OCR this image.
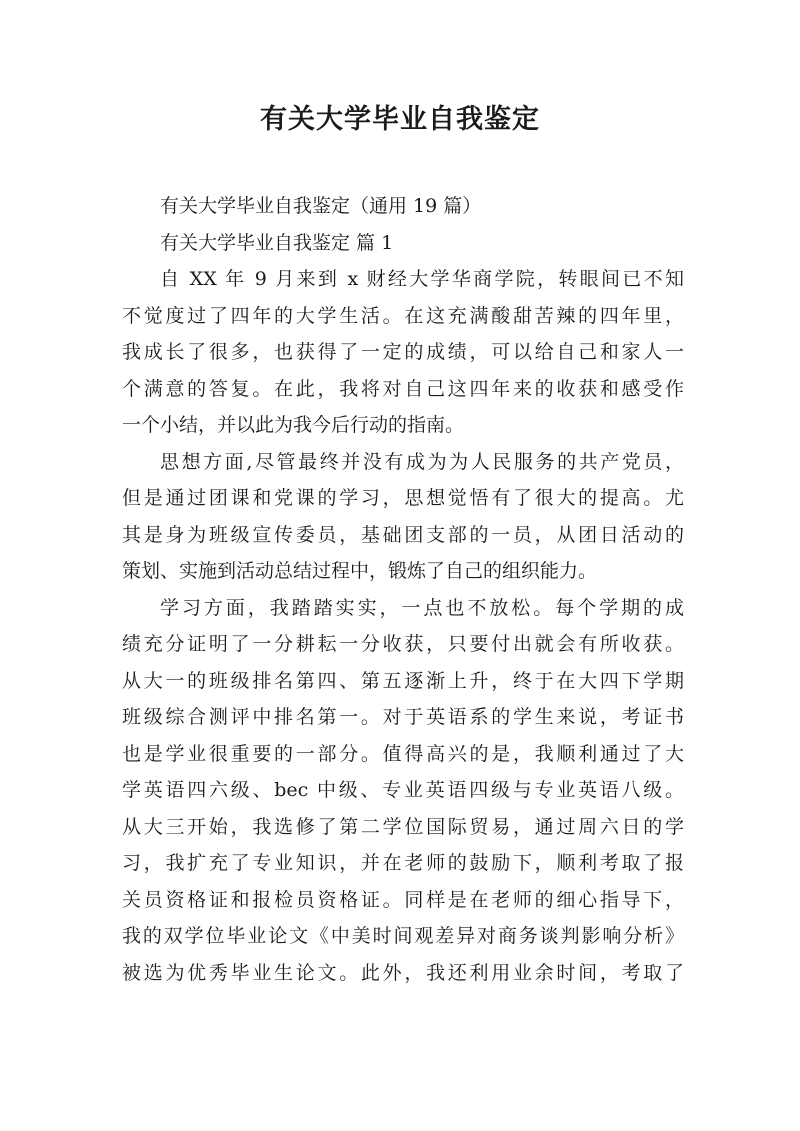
有关大学毕业自我鉴定
有关大学毕业自我鉴定（通用 19 篇）
有关大学毕业自我鉴定 篇 1
自 XX 年 9 月来到 x 财经大学华商学院，转眼间已不知
不觉度过了四年的大学生活。在这充满酸甜苦辣的四年里，
我成长了很多，也获得了一定的成绩，可以给自己和家人一
个满意的答复。在此，我将对自己这四年来的收获和感受作
一个小结，并以此为我今后行动的指南。
思想方面,尽管最终并没有成为为人民服务的共产党员，
但是通过团课和党课的学习，思想觉悟有了很大的提高。尤
其是身为班级宣传委员，基础团支部的一员，从团日活动的
策划、实施到活动总结过程中，锻炼了自己的组织能力。
学习方面，我踏踏实实，一点也不放松。每个学期的成
绩充分证明了一分耕耘一分收获，只要付出就会有所收获。
从大一的班级排名第四、第五逐渐上升，终于在大四下学期
班级综合测评中排名第一。对于英语系的学生来说，考证书
也是学业很重要的一部分。值得高兴的是，我顺利通过了大
学英语四六级、bec 中级、专业英语四级与专业英语八级。
从大三开始，我选修了第二学位国际贸易，通过周六日的学
习，我扩充了专业知识，并在老师的鼓励下，顺利考取了报
关员资格证和报检员资格证。同样是在老师的细心指导下，
我的双学位毕业论文《中美时间观差异对商务谈判影响分析》
被选为优秀毕业生论文。此外，我还利用业余时间，考取了
